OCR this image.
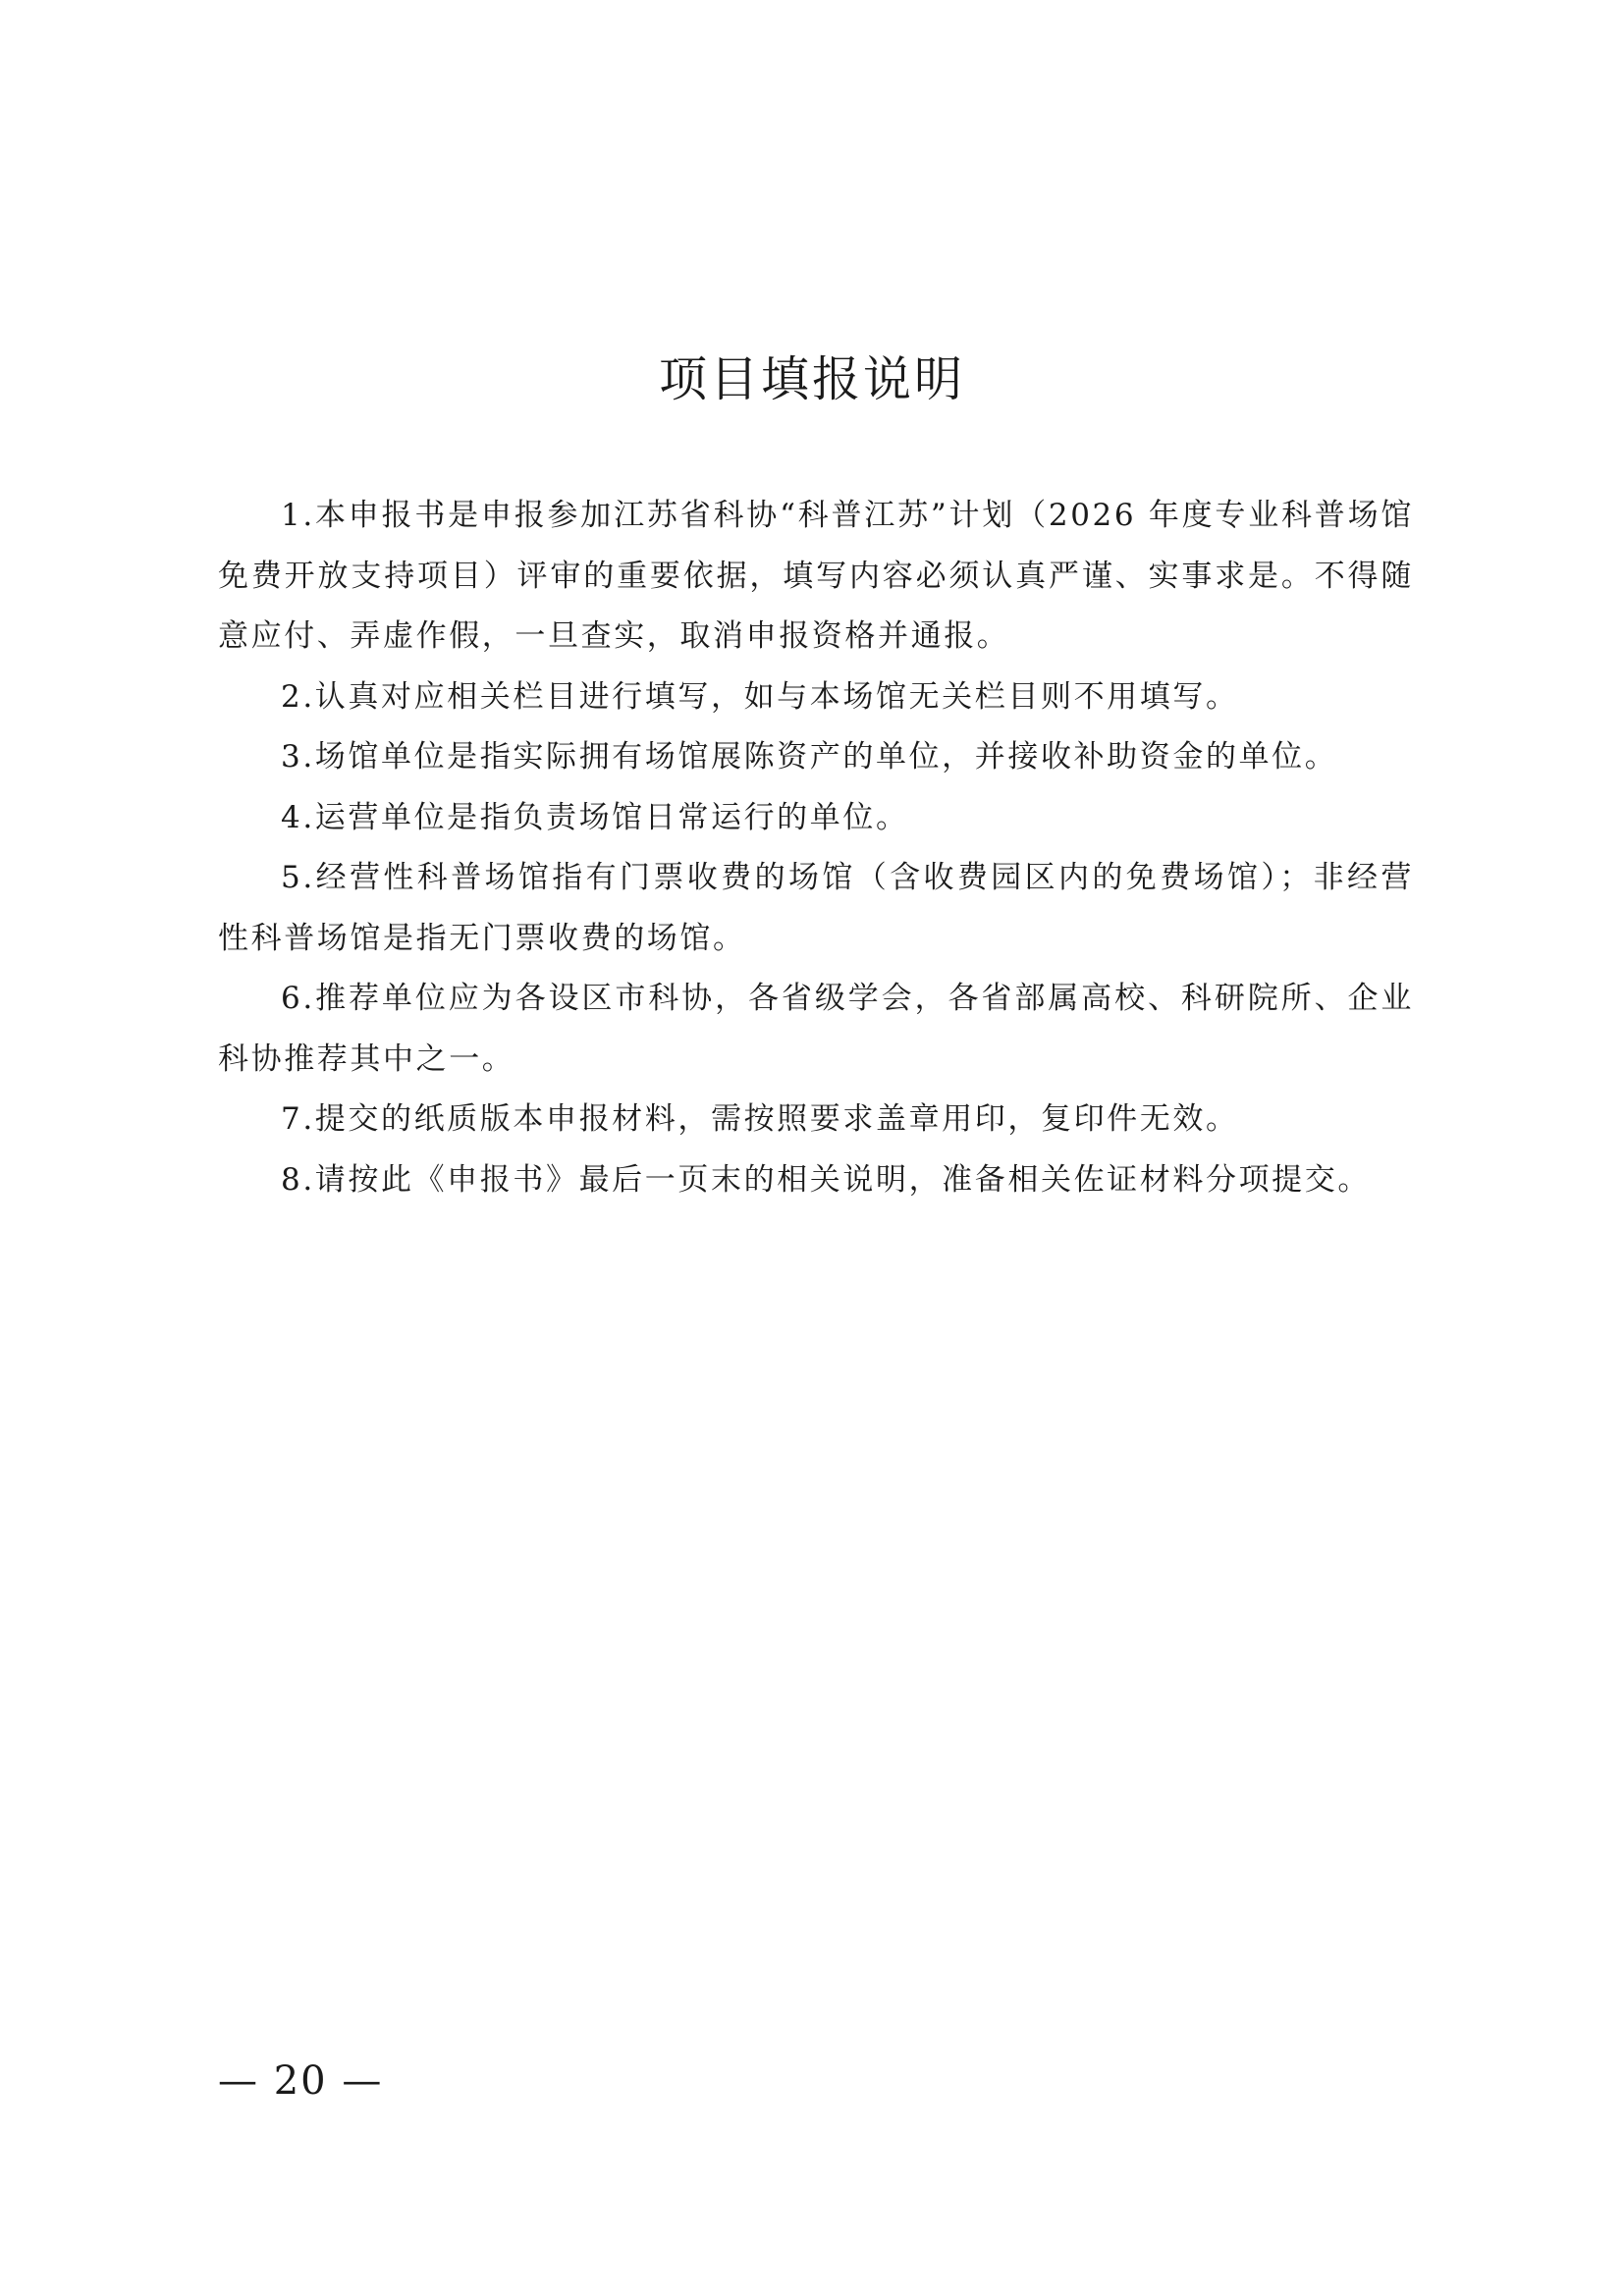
项目填报说明

1.本申报书是申报参加江苏省科协“科普江苏”计划（2026 年度专业科普场馆免费开放支持项目）评审的重要依据，填写内容必须认真严谨、实事求是。不得随意应付、弄虚作假，一旦查实，取消申报资格并通报。

2.认真对应相关栏目进行填写，如与本场馆无关栏目则不用填写。

3.场馆单位是指实际拥有场馆展陈资产的单位，并接收补助资金的单位。

4.运营单位是指负责场馆日常运行的单位。

5.经营性科普场馆指有门票收费的场馆（含收费园区内的免费场馆）；非经营性科普场馆是指无门票收费的场馆。

6.推荐单位应为各设区市科协，各省级学会，各省部属高校、科研院所、企业科协推荐其中之一。

7.提交的纸质版本申报材料，需按照要求盖章用印，复印件无效。

8.请按此《申报书》最后一页末的相关说明，准备相关佐证材料分项提交。

— 20 —
